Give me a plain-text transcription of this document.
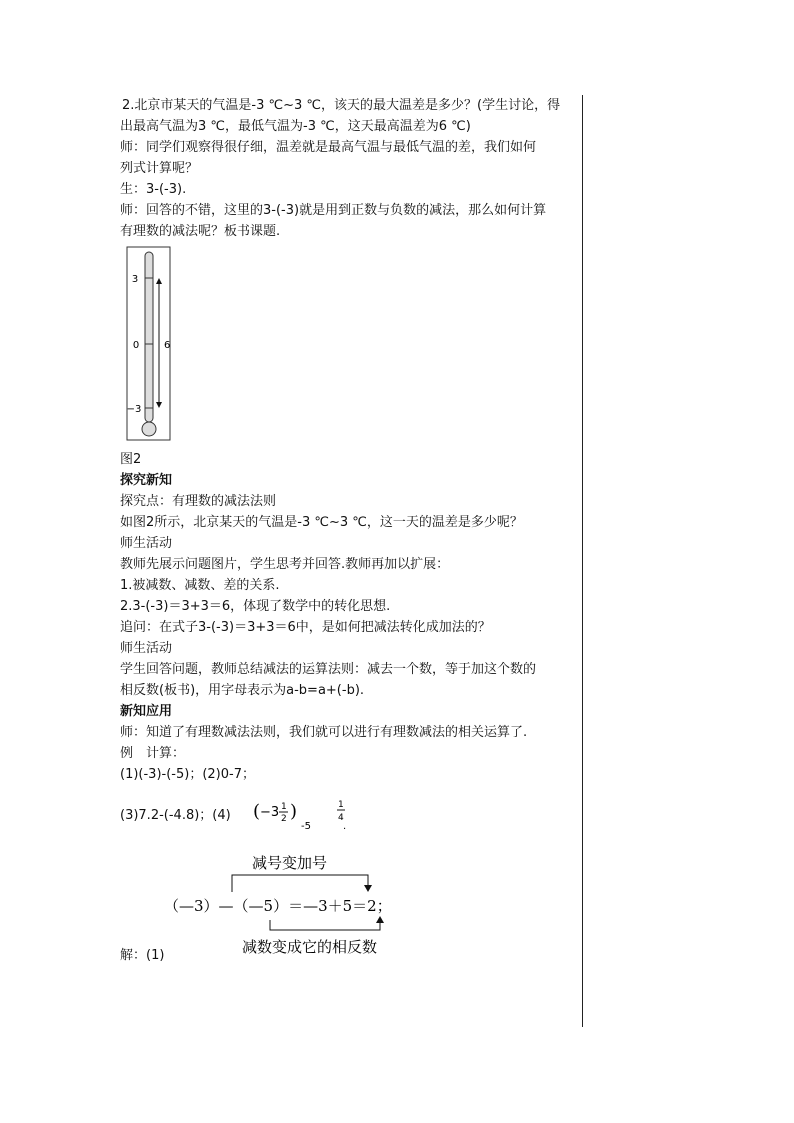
2.北京市某天的气温是-3 ℃~3 ℃，该天的最大温差是多少？(学生讨论，得

出最高气温为3 ℃，最低气温为-3 ℃，这天最高温差为6 ℃)

师：同学们观察得很仔细，温差就是最高气温与最低气温的差，我们如何

列式计算呢？

生：3-(-3).

师：回答的不错，这里的3-(-3)就是用到正数与负数的减法，那么如何计算

有理数的减法呢？板书课题.

3
0
−3
6
图2

探究新知

探究点：有理数的减法法则

如图2所示，北京某天的气温是-3 ℃~3 ℃，这一天的温差是多少呢？

师生活动

教师先展示问题图片，学生思考并回答.教师再加以扩展：

1.被减数、减数、差的关系.

2.3-(-3)＝3+3＝6，体现了数学中的转化思想.

追问：在式子3-(-3)＝3+3＝6中，是如何把减法转化成加法的？

师生活动

学生回答问题，教师总结减法的运算法则：减去一个数，等于加这个数的

相反数(板书)，用字母表示为a-b=a+(-b).

新知应用

师：知道了有理数减法法则，我们就可以进行有理数减法的相关运算了.

例　计算：

(1)(-3)-(-5)；(2)0-7；

(3)7.2-(-4.8)；(4)	( −3 1
2 )
-5
1
4
.
减号变加号
（—3）—（—5）＝—3＋5＝2；
减数变成它的相反数
解：(1)
